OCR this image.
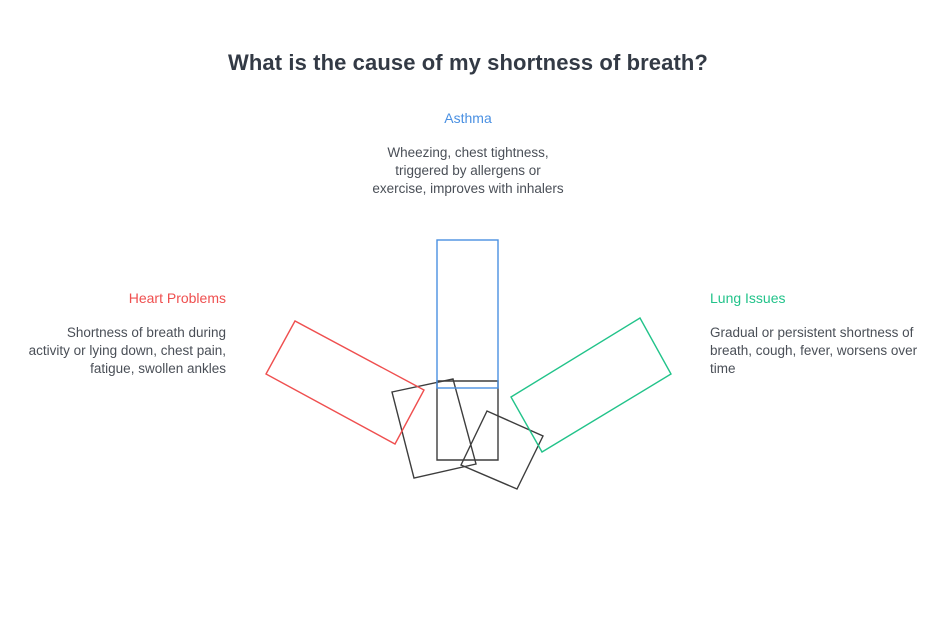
What is the cause of my shortness of breath?
Asthma
Wheezing, chest tightness, triggered by allergens or exercise, improves with inhalers
Heart Problems
Shortness of breath during activity or lying down, chest pain, fatigue, swollen ankles
Lung Issues
Gradual or persistent shortness of breath, cough, fever, worsens over time
